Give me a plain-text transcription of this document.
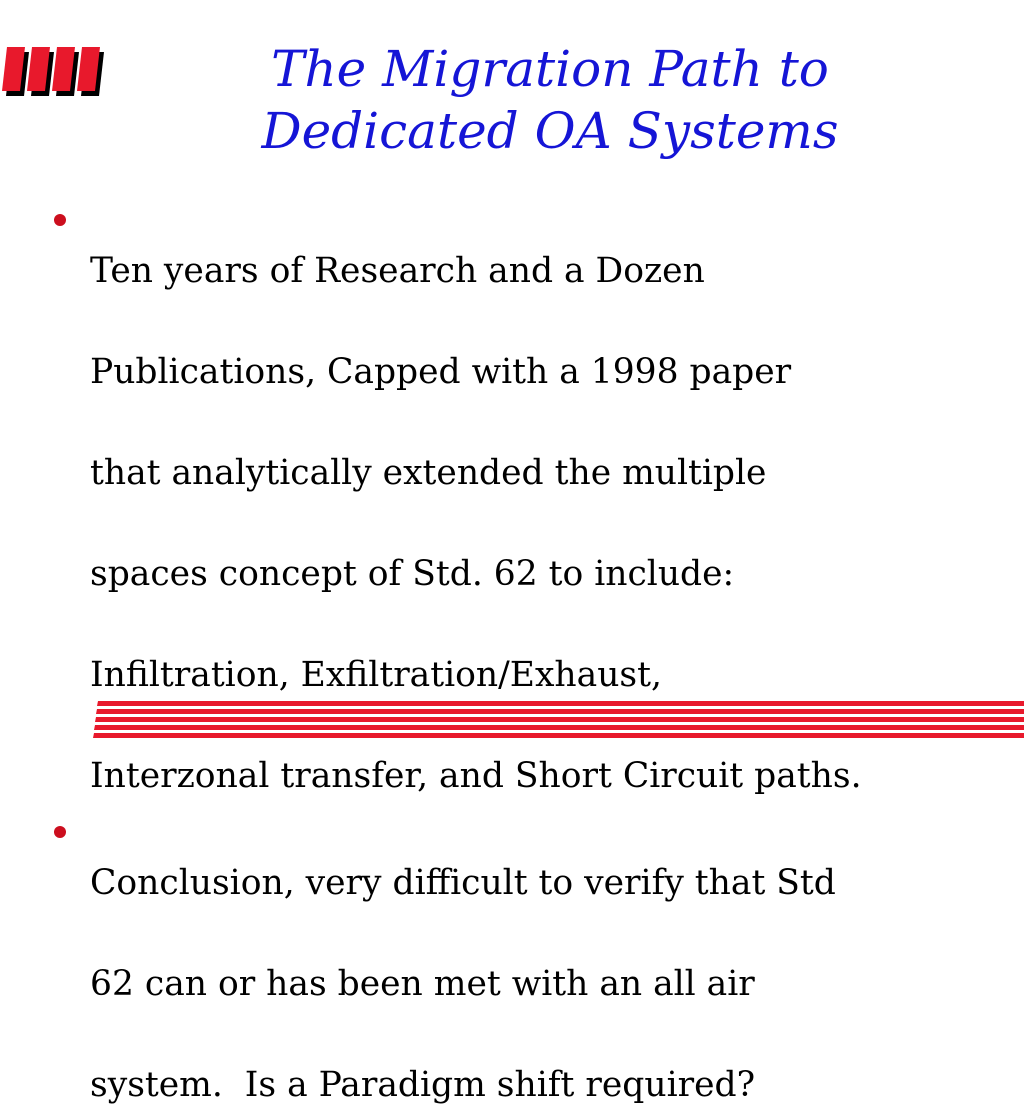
The Migration Path to
Dedicated OA Systems

Ten years of Research and a Dozen

Publications, Capped with a 1998 paper

that analytically extended the multiple

spaces concept of Std. 62 to include:

Infiltration, Exfiltration/Exhaust,

Interzonal transfer, and Short Circuit paths.

Conclusion, very difficult to verify that Std

62 can or has been met with an all air

system.  Is a Paradigm shift required?
